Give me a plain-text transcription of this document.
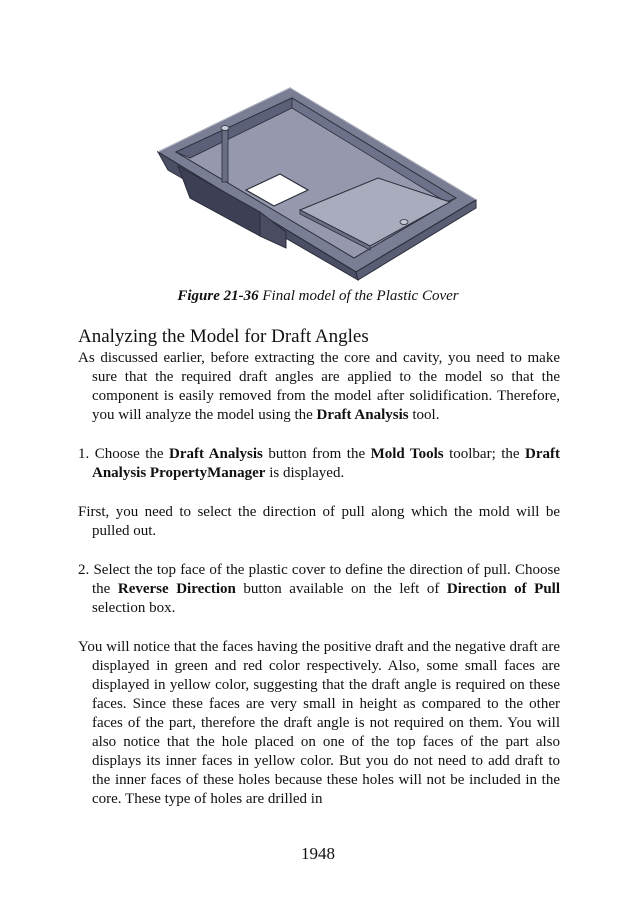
Figure 21-36 Final model of the Plastic Cover
Analyzing the Model for Draft Angles
As discussed earlier, before extracting the core and cavity, you need to make sure that the required draft angles are applied to the model so that the component is easily removed from the model after solidification. Therefore, you will analyze the model using the Draft Analysis tool.
1. Choose the Draft Analysis button from the Mold Tools toolbar; the Draft Analysis PropertyManager is displayed.
First, you need to select the direction of pull along which the mold will be pulled out.
2. Select the top face of the plastic cover to define the direction of pull. Choose the Reverse Direction button available on the left of Direction of Pull selection box.
You will notice that the faces having the positive draft and the negative draft are displayed in green and red color respectively. Also, some small faces are displayed in yellow color, suggesting that the draft angle is required on these faces. Since these faces are very small in height as compared to the other faces of the part, therefore the draft angle is not required on them. You will also notice that the hole placed on one of the top faces of the part also displays its inner faces in yellow color. But you do not need to add draft to the inner faces of these holes because these holes will not be included in the core. These type of holes are drilled in
1948
